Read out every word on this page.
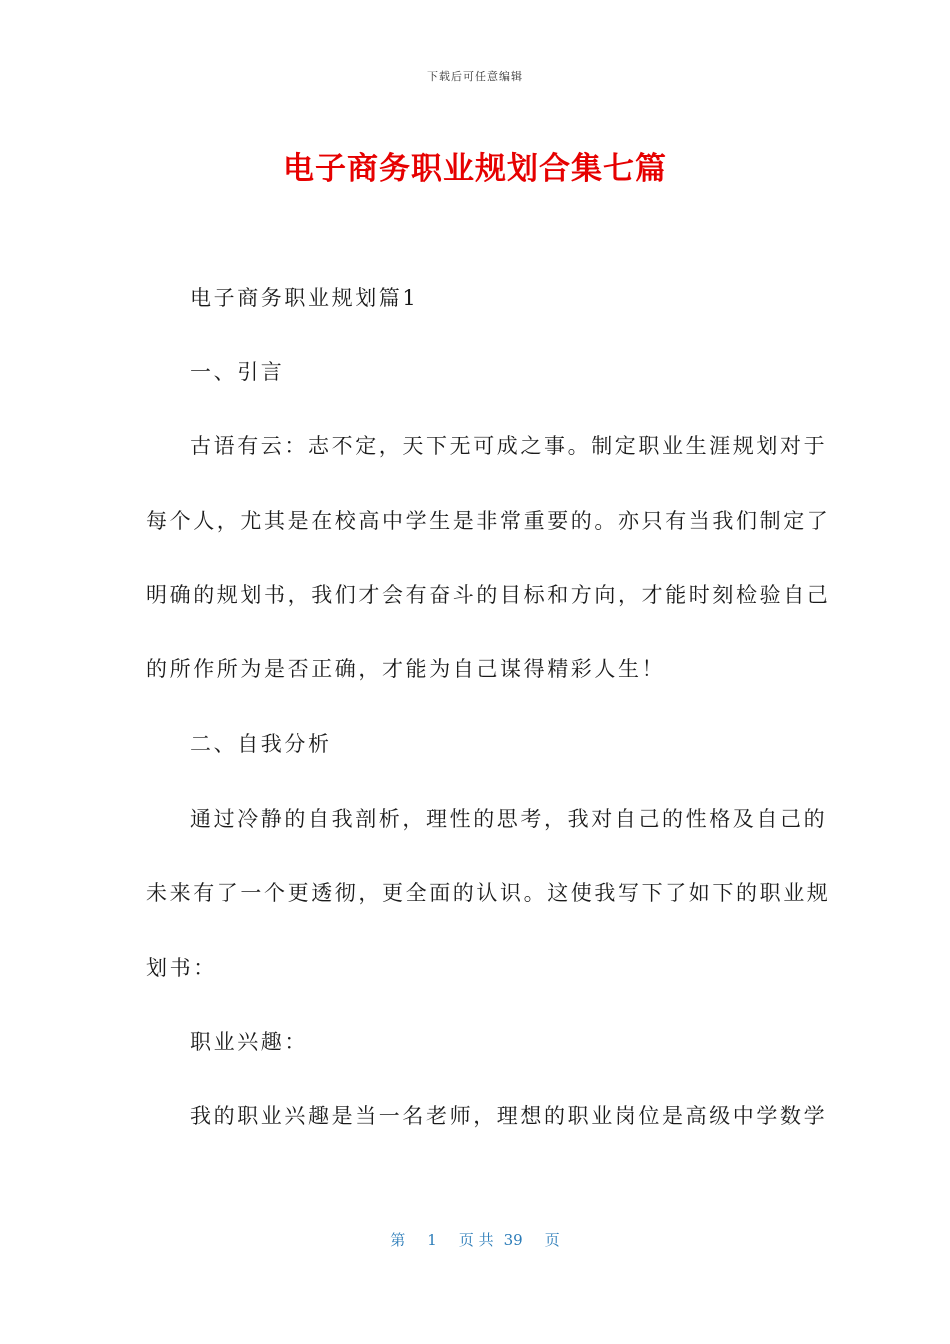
下载后可任意编辑
电子商务职业规划合集七篇
电子商务职业规划篇1
一、引言
古语有云：志不定，天下无可成之事。制定职业生涯规划对于
每个人，尤其是在校高中学生是非常重要的。亦只有当我们制定了
明确的规划书，我们才会有奋斗的目标和方向，才能时刻检验自己
的所作所为是否正确，才能为自己谋得精彩人生！
二、自我分析
通过冷静的自我剖析，理性的思考，我对自己的性格及自己的
未来有了一个更透彻，更全面的认识。这使我写下了如下的职业规
划书：
职业兴趣：
我的职业兴趣是当一名老师，理想的职业岗位是高级中学数学
第 1 页 共 39 页
